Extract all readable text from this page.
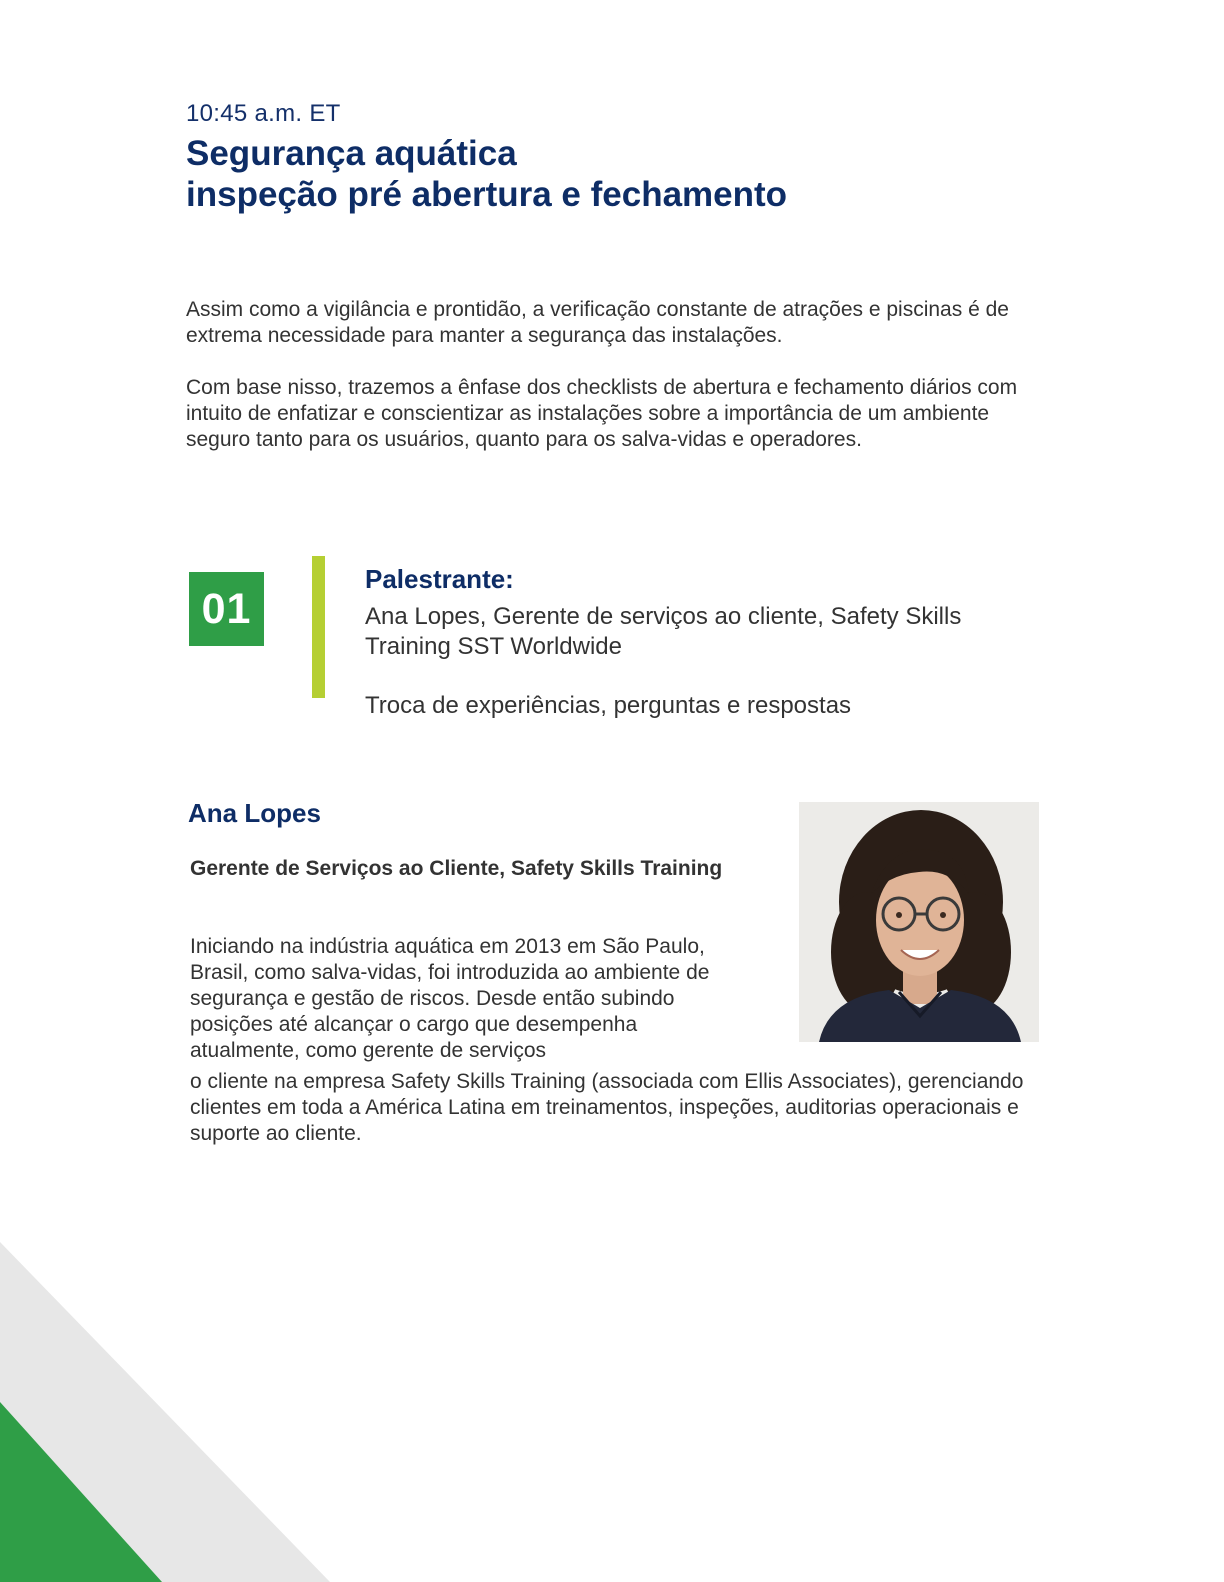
10:45 a.m. ET
Segurança aquática
inspeção pré abertura e fechamento

Assim como a vigilância e prontidão, a verificação constante de atrações e piscinas é de extrema necessidade para manter a segurança das instalações.

Com base nisso, trazemos a ênfase dos checklists de abertura e fechamento diários com intuito de enfatizar e conscientizar as instalações sobre a importância de um ambiente seguro tanto para os usuários, quanto para os salva-vidas e operadores.

01

Palestrante:

Ana Lopes, Gerente de serviços ao cliente, Safety Skills Training SST Worldwide

Troca de experiências, perguntas e respostas

Ana Lopes
Gerente de Serviços ao Cliente, Safety Skills Training
Iniciando na indústria aquática em 2013 em São Paulo, Brasil, como salva-vidas, foi introduzida ao ambiente de segurança e gestão de riscos. Desde então subindo posições até alcançar o cargo que desempenha atualmente, como gerente de serviços
o cliente na empresa Safety Skills Training (associada com Ellis Associates), gerenciando clientes em toda a América Latina em treinamentos, inspeções, auditorias operacionais e suporte ao cliente.
